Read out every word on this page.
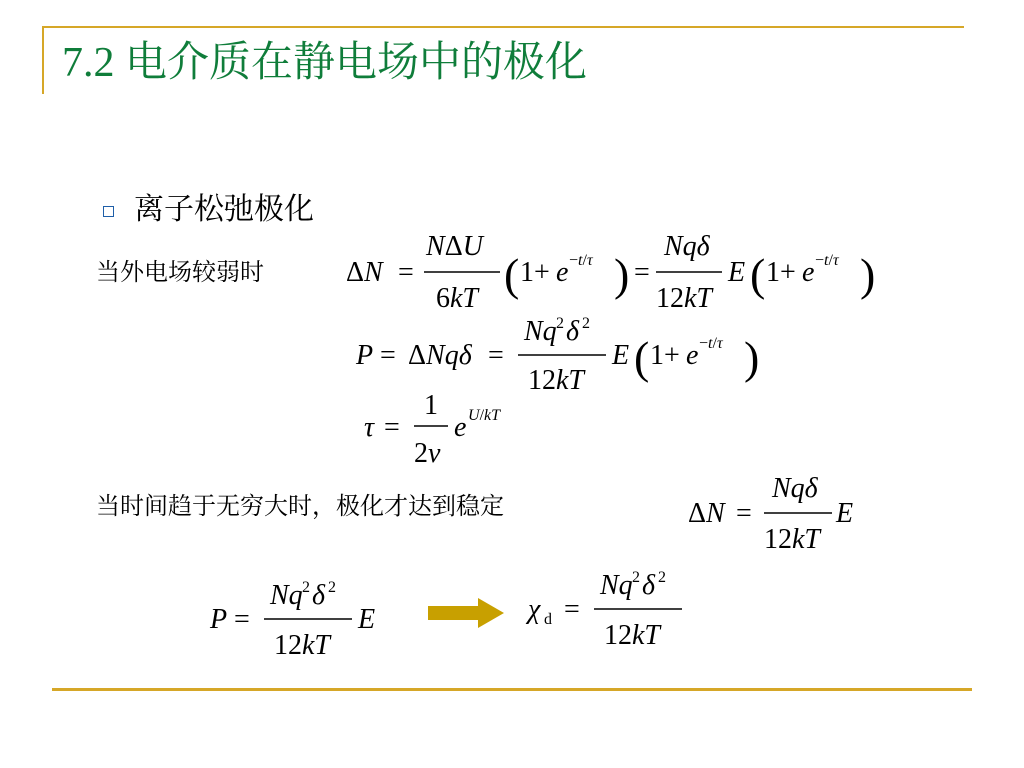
7.2 电介质在静电场中的极化
离子松弛极化
当外电场较弱时	ΔN =
NΔU
6kT ( 1+ e −t/τ ) =
Nqδ
12kT
E ( 1+ e −t/τ )
P = ΔNqδ =
Nq 2 δ 2
12kT
E ( 1+ e −t/τ )
τ =
1
2ν
e U/kT
当时间趋于无穷大时，极化才达到稳定	ΔN =
Nqδ
12kT
E
P =
Nq 2 δ 2
12kT
E	χ d =
Nq 2 δ 2
12kT
